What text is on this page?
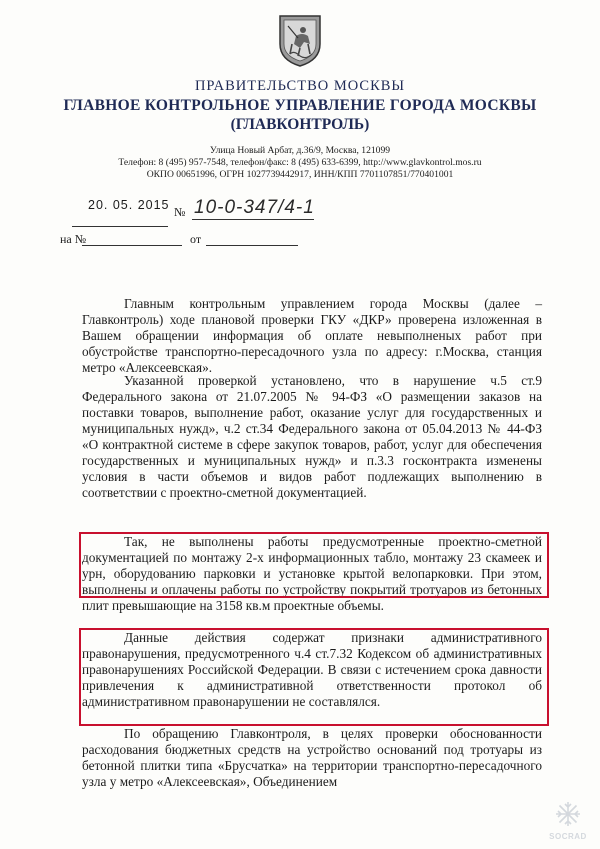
ПРАВИТЕЛЬСТВО МОСКВЫ
ГЛАВНОЕ КОНТРОЛЬНОЕ УПРАВЛЕНИЕ ГОРОДА МОСКВЫ
(ГЛАВКОНТРОЛЬ)
Улица Новый Арбат, д.36/9, Москва, 121099
Телефон: 8 (495) 957-7548, телефон/факс: 8 (495) 633-6399, http://www.glavkontrol.mos.ru
ОКПО 00651996, ОГРН 1027739442917, ИНН/КПП 7701107851/770401001
20. 05. 2015 № 10-0-347/4-1
на №	от
Главным контрольным управлением города Москвы (далее – Главконтроль) ходе плановой проверки ГКУ «ДКР» проверена изложенная в Вашем обращении информация об оплате невыполненых работ при обустройстве транспортно-пересадочного узла по адресу: г.Москва, станция метро «Алексеевская».
Указанной проверкой установлено, что в нарушение ч.5 ст.9 Федерального закона от 21.07.2005 № 94-ФЗ «О размещении заказов на поставки товаров, выполнение работ, оказание услуг для государственных и муниципальных нужд», ч.2 ст.34 Федерального закона от 05.04.2013 № 44-ФЗ «О контрактной системе в сфере закупок товаров, работ, услуг для обеспечения государственных и муниципальных нужд» и п.3.3 госконтракта изменены условия в части объемов и видов работ подлежащих выполнению в соответствии с проектно-сметной документацией.
Так, не выполнены работы предусмотренные проектно-сметной документацией по монтажу 2-х информационных табло, монтажу 23 скамеек и урн, оборудованию парковки и установке крытой велопарковки. При этом, выполнены и оплачены работы по устройству покрытий тротуаров из бетонных плит превышающие на 3158 кв.м проектные объемы.
Данные действия содержат признаки административного правонарушения, предусмотренного ч.4 ст.7.32 Кодексом об административных правонарушениях Российской Федерации. В связи с истечением срока давности привлечения к административной ответственности протокол об административном правонарушении не составлялся.
По обращению Главконтроля, в целях проверки обоснованности расходования бюджетных средств на устройство оснований под тротуары из бетонной плитки типа «Брусчатка» на территории транспортно-пересадочного узла у метро «Алексеевская», Объединением
SOCRAD
